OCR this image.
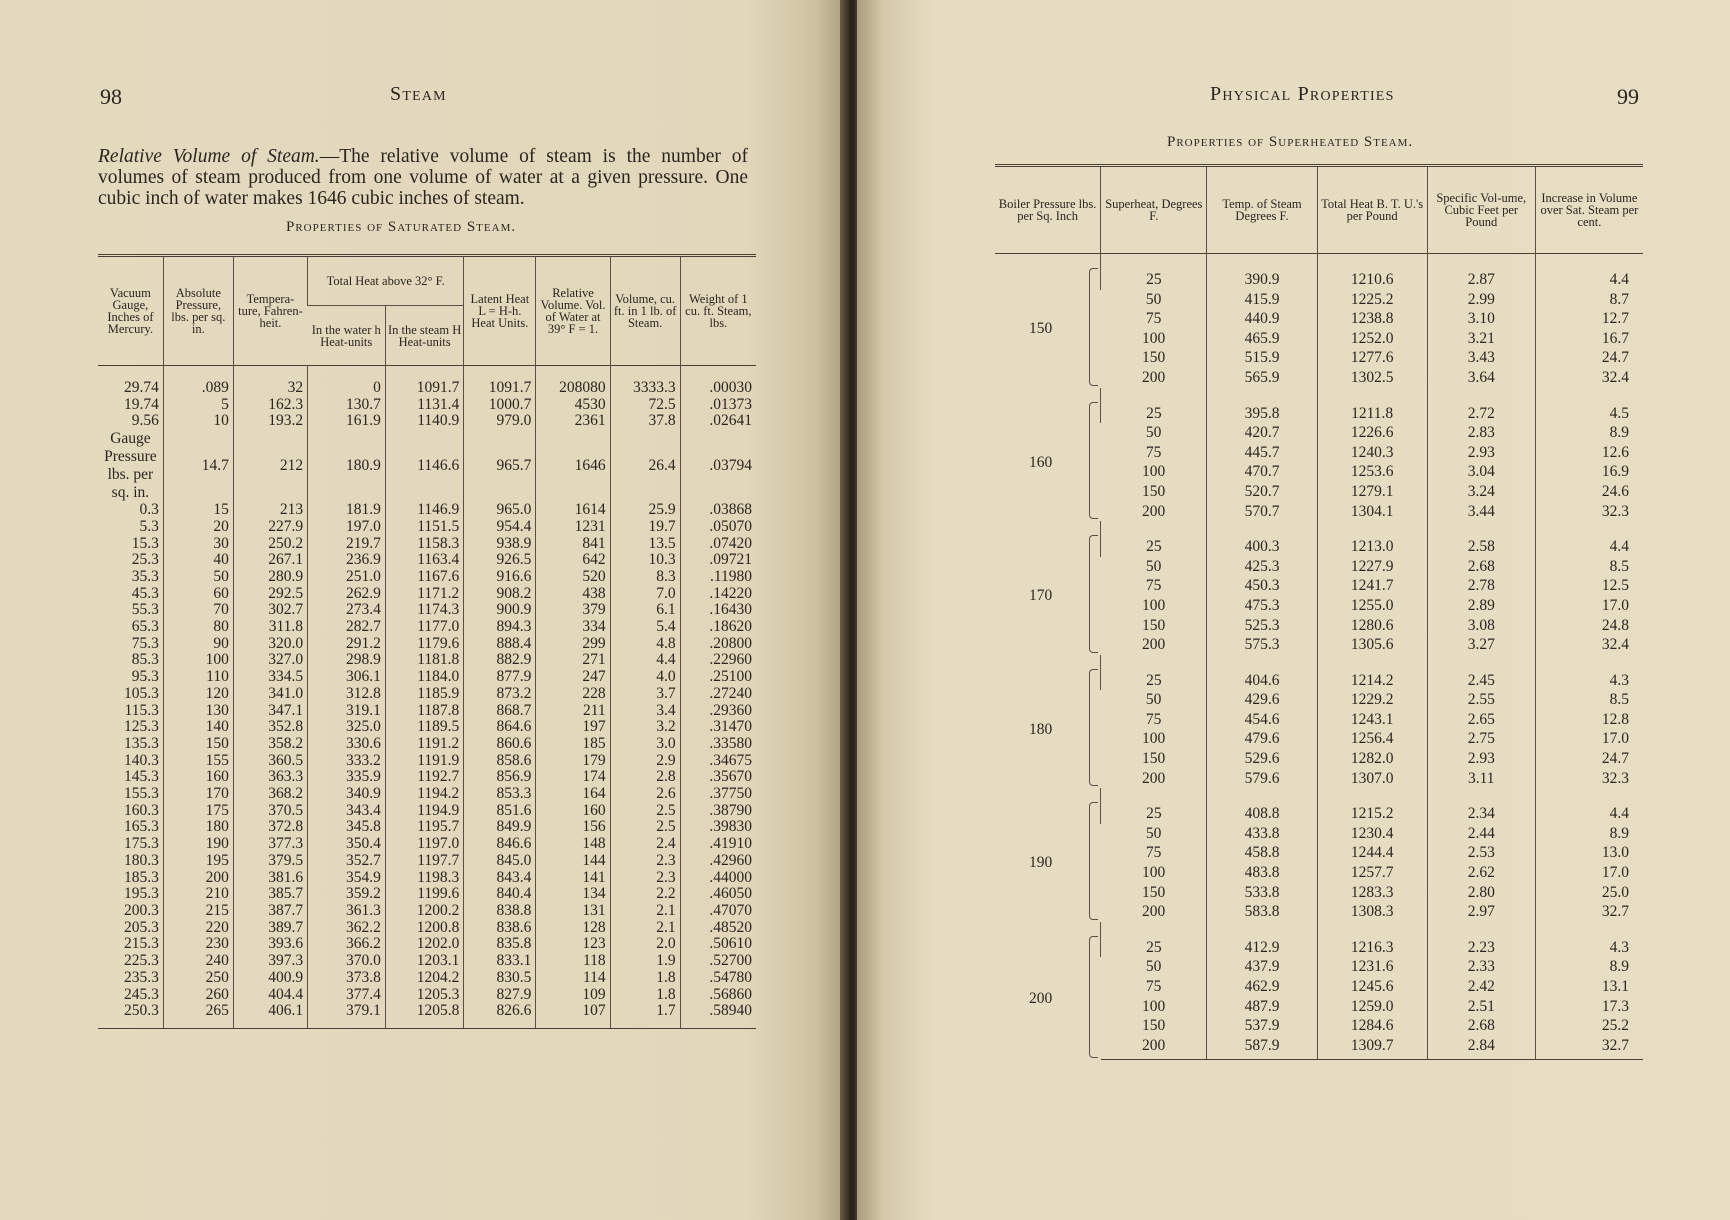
98	Steam

Relative Volume of Steam.—The relative volume of steam is the number of volumes of steam produced from one volume of water at a given pressure. One cubic inch of water makes 1646 cubic inches of steam.

Properties of Saturated Steam.
Vacuum Gauge, Inches of Mercury.	Absolute Pressure, lbs. per sq. in.	Tempera-ture, Fahren-heit.	Total Heat above 32° F.		Latent Heat L = H-h. Heat Units.	Relative Volume. Vol. of Water at 39° F = 1.	Volume, cu. ft. in 1 lb. of Steam.	Weight of 1 cu. ft. Steam, lbs.
			In the water h Heat-units	In the steam H Heat-units				
29.74	.089	32	0	1091.7	1091.7	208080	3333.3	.00030
19.74	5	162.3	130.7	1131.4	1000.7	4530	72.5	.01373
9.56	10	193.2	161.9	1140.9	979.0	2361	37.8	.02641
Gauge Pressure lbs. per sq. in.	14.7	212	180.9	1146.6	965.7	1646	26.4	.03794
0.3	15	213	181.9	1146.9	965.0	1614	25.9	.03868
5.3	20	227.9	197.0	1151.5	954.4	1231	19.7	.05070
15.3	30	250.2	219.7	1158.3	938.9	841	13.5	.07420
25.3	40	267.1	236.9	1163.4	926.5	642	10.3	.09721
35.3	50	280.9	251.0	1167.6	916.6	520	8.3	.11980
45.3	60	292.5	262.9	1171.2	908.2	438	7.0	.14220
55.3	70	302.7	273.4	1174.3	900.9	379	6.1	.16430
65.3	80	311.8	282.7	1177.0	894.3	334	5.4	.18620
75.3	90	320.0	291.2	1179.6	888.4	299	4.8	.20800
85.3	100	327.0	298.9	1181.8	882.9	271	4.4	.22960
95.3	110	334.5	306.1	1184.0	877.9	247	4.0	.25100
105.3	120	341.0	312.8	1185.9	873.2	228	3.7	.27240
115.3	130	347.1	319.1	1187.8	868.7	211	3.4	.29360
125.3	140	352.8	325.0	1189.5	864.6	197	3.2	.31470
135.3	150	358.2	330.6	1191.2	860.6	185	3.0	.33580
140.3	155	360.5	333.2	1191.9	858.6	179	2.9	.34675
145.3	160	363.3	335.9	1192.7	856.9	174	2.8	.35670
155.3	170	368.2	340.9	1194.2	853.3	164	2.6	.37750
160.3	175	370.5	343.4	1194.9	851.6	160	2.5	.38790
165.3	180	372.8	345.8	1195.7	849.9	156	2.5	.39830
175.3	190	377.3	350.4	1197.0	846.6	148	2.4	.41910
180.3	195	379.5	352.7	1197.7	845.0	144	2.3	.42960
185.3	200	381.6	354.9	1198.3	843.4	141	2.3	.44000
195.3	210	385.7	359.2	1199.6	840.4	134	2.2	.46050
200.3	215	387.7	361.3	1200.2	838.8	131	2.1	.47070
205.3	220	389.7	362.2	1200.8	838.6	128	2.1	.48520
215.3	230	393.6	366.2	1202.0	835.8	123	2.0	.50610
225.3	240	397.3	370.0	1203.1	833.1	118	1.9	.52700
235.3	250	400.9	373.8	1204.2	830.5	114	1.8	.54780
245.3	260	404.4	377.4	1205.3	827.9	109	1.8	.56860
250.3	265	406.1	379.1	1205.8	826.6	107	1.7	.58940
Physical Properties	99
Properties of Superheated Steam.
Boiler Pressure lbs. per Sq. Inch	Superheat, Degrees F.	Temp. of Steam Degrees F.	Total Heat B. T. U.'s per Pound	Specific Vol-ume, Cubic Feet per Pound	Increase in Volume over Sat. Steam per cent.
150	25	390.9	1210.6	2.87	4.4
	50	415.9	1225.2	2.99	8.7
	75	440.9	1238.8	3.10	12.7
	100	465.9	1252.0	3.21	16.7
	150	515.9	1277.6	3.43	24.7
	200	565.9	1302.5	3.64	32.4
160	25	395.8	1211.8	2.72	4.5
	50	420.7	1226.6	2.83	8.9
	75	445.7	1240.3	2.93	12.6
	100	470.7	1253.6	3.04	16.9
	150	520.7	1279.1	3.24	24.6
	200	570.7	1304.1	3.44	32.3
170	25	400.3	1213.0	2.58	4.4
	50	425.3	1227.9	2.68	8.5
	75	450.3	1241.7	2.78	12.5
	100	475.3	1255.0	2.89	17.0
	150	525.3	1280.6	3.08	24.8
	200	575.3	1305.6	3.27	32.4
180	25	404.6	1214.2	2.45	4.3
	50	429.6	1229.2	2.55	8.5
	75	454.6	1243.1	2.65	12.8
	100	479.6	1256.4	2.75	17.0
	150	529.6	1282.0	2.93	24.7
	200	579.6	1307.0	3.11	32.3
190	25	408.8	1215.2	2.34	4.4
	50	433.8	1230.4	2.44	8.9
	75	458.8	1244.4	2.53	13.0
	100	483.8	1257.7	2.62	17.0
	150	533.8	1283.3	2.80	25.0
	200	583.8	1308.3	2.97	32.7
200	25	412.9	1216.3	2.23	4.3
	50	437.9	1231.6	2.33	8.9
	75	462.9	1245.6	2.42	13.1
	100	487.9	1259.0	2.51	17.3
	150	537.9	1284.6	2.68	25.2
	200	587.9	1309.7	2.84	32.7
